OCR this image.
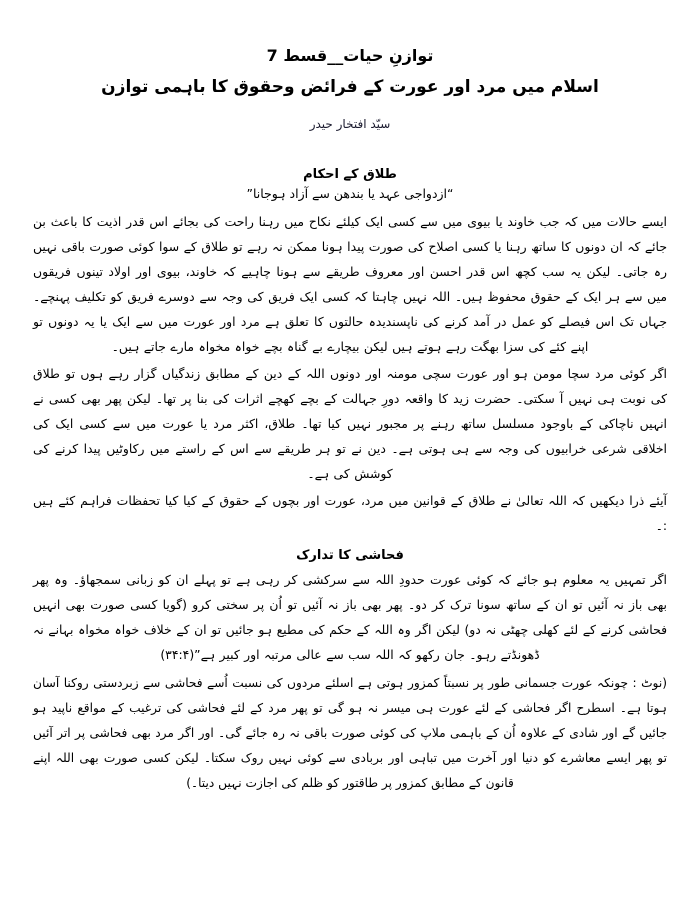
توازنِ حیات__قسط 7
اسلام میں مرد اور عورت کے فرائض وحقوق کا باہمی توازن
سیّد افتخار حیدر
طلاق کے احکام
“ازدواجی عہد یا بندھن سے آزاد ہوجانا”

ایسے حالات میں کہ جب خاوند یا بیوی میں سے کسی ایک کیلئے نکاح میں رہنا راحت کی بجائے اس قدر اذیت کا باعث بن جائے کہ ان دونوں کا ساتھ رہنا یا کسی اصلاح کی صورت پیدا ہونا ممکن نہ رہے تو طلاق کے سوا کوئی صورت باقی نہیں رہ جاتی۔ لیکن یہ سب کچھ اس قدر احسن اور معروف طریقے سے ہونا چاہیے کہ خاوند، بیوی اور اولاد تینوں فریقوں میں سے ہر ایک کے حقوق محفوظ ہیں۔ اللہ نہیں چاہتا کہ کسی ایک فریق کی وجہ سے دوسرے فریق کو تکلیف پہنچے۔ جہاں تک اس فیصلے کو عمل در آمد کرنے کی ناپسندیدہ حالتوں کا تعلق ہے مرد اور عورت میں سے ایک یا یہ دونوں تو اپنے کئے کی سزا بھگت رہے ہوتے ہیں لیکن بیچارے بے گناہ بچے خواہ مخواہ مارے جاتے ہیں۔

اگر کوئی مرد سچا مومن ہو اور عورت سچی مومنہ اور دونوں اللہ کے دین کے مطابق زندگیاں گزار رہے ہوں تو طلاق کی نوبت ہی نہیں آ سکتی۔ حضرت زید کا واقعہ دورِ جہالت کے بچے کھچے اثرات کی بنا پر تھا۔ لیکن پھر بھی کسی نے انہیں ناچاکی کے باوجود مسلسل ساتھ رہنے پر مجبور نہیں کیا تھا۔ طلاق، اکثر مرد یا عورت میں سے کسی ایک کی اخلاقی شرعی خرابیوں کی وجہ سے ہی ہوتی ہے۔ دین نے تو ہر طریقے سے اس کے راستے میں رکاوٹیں پیدا کرنے کی کوشش کی ہے۔

آیئے ذرا دیکھیں کہ اللہ تعالیٰ نے طلاق کے قوانین میں مرد، عورت اور بچوں کے حقوق کے کیا کیا تحفظات فراہم کئے ہیں :۔

فحاشی کا تدارک

اگر تمہیں یہ معلوم ہو جائے کہ کوئی عورت حدودِ اللہ سے سرکشی کر رہی ہے تو پہلے ان کو زبانی سمجھاؤ۔ وہ پھر بھی باز نہ آئیں تو ان کے ساتھ سونا ترک کر دو۔ پھر بھی باز نہ آئیں تو اُن پر سختی کرو (گویا کسی صورت بھی انہیں فحاشی کرنے کے لئے کھلی چھٹی نہ دو) لیکن اگر وہ اللہ کے حکم کی مطیع ہو جائیں تو ان کے خلاف خواہ مخواہ بہانے نہ ڈھونڈتے رہو۔ جان رکھو کہ اللہ سب سے عالی مرتبہ اور کبیر ہے”(۳۴:۴)

(نوٹ : چونکہ عورت جسمانی طور پر نسبتاً کمزور ہوتی ہے اسلئے مردوں کی نسبت اُسے فحاشی سے زبردستی روکنا آسان ہوتا ہے۔ اسطرح اگر فحاشی کے لئے عورت ہی میسر نہ ہو گی تو پھر مرد کے لئے فحاشی کی ترغیب کے مواقع ناپید ہو جائیں گے اور شادی کے علاوہ اُن کے باہمی ملاپ کی کوئی صورت باقی نہ رہ جائے گی۔ اور اگر مرد بھی فحاشی پر اتر آئیں تو پھر ایسے معاشرے کو دنیا اور آخرت میں تباہی اور بربادی سے کوئی نہیں روک سکتا۔ لیکن کسی صورت بھی اللہ اپنے قانون کے مطابق کمزور پر طاقتور کو ظلم کی اجازت نہیں دیتا۔)
